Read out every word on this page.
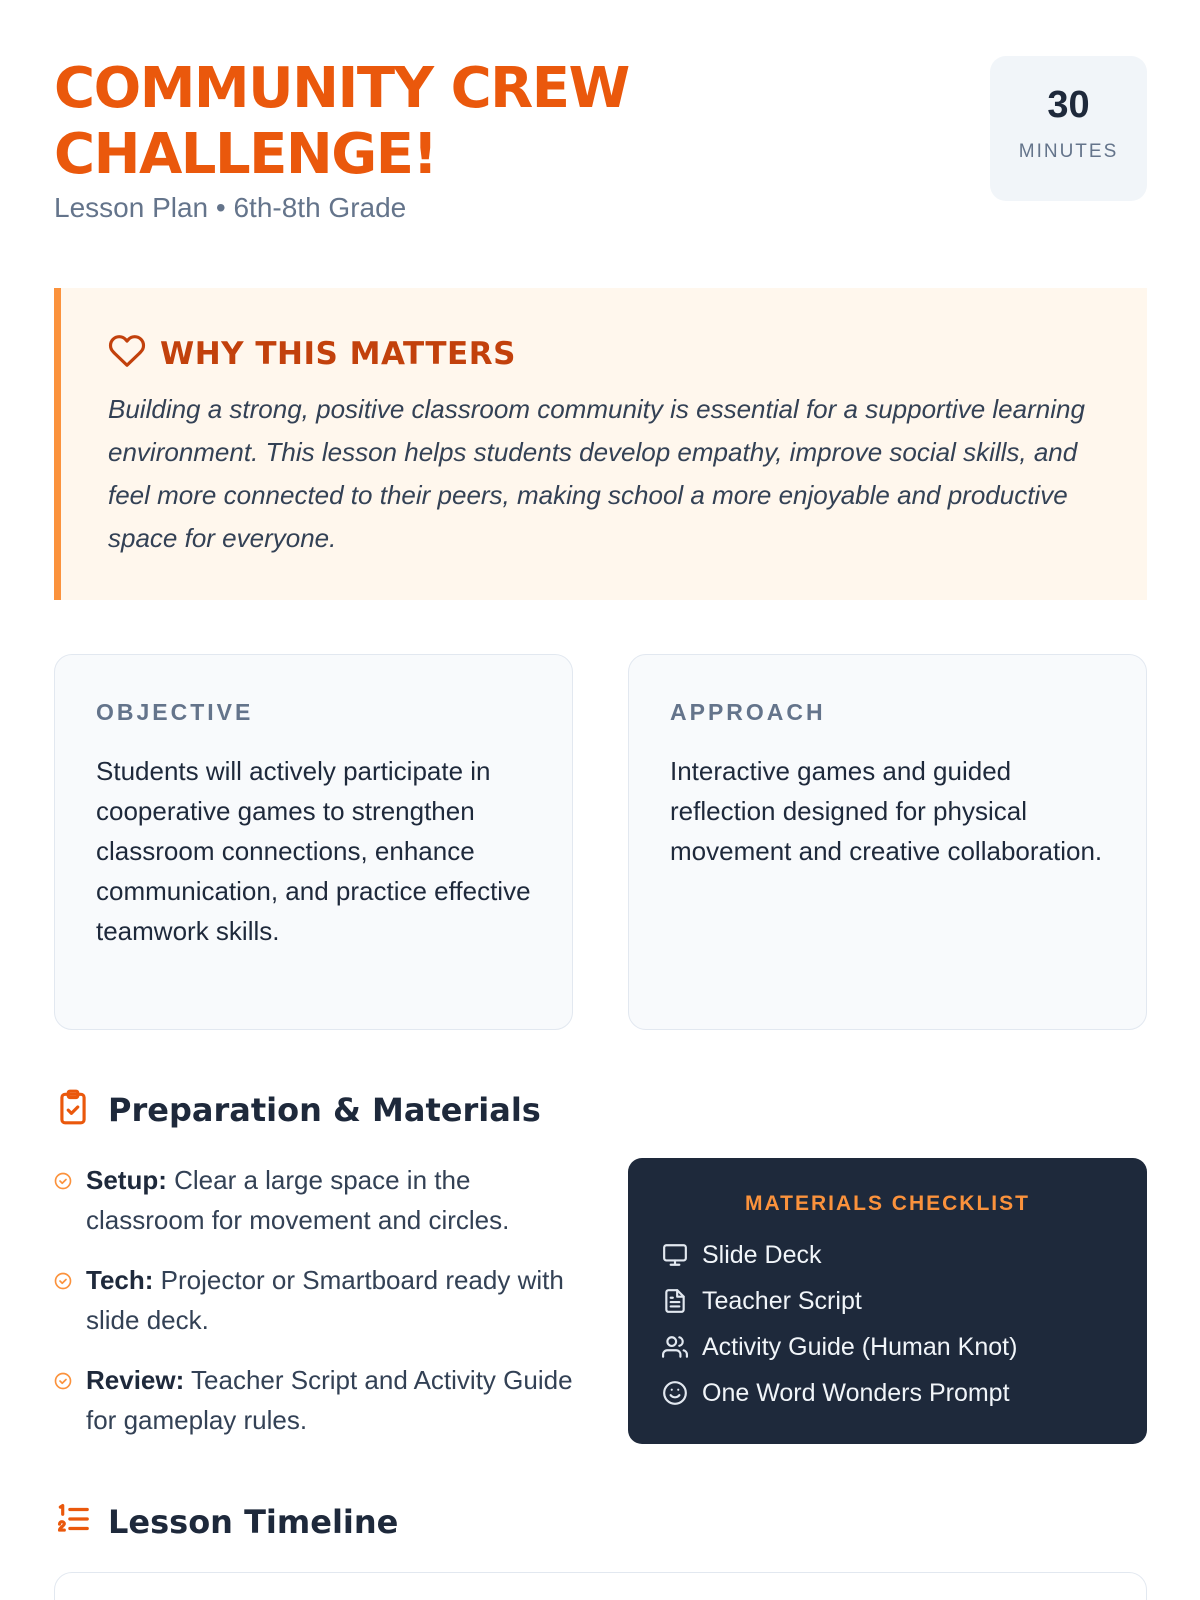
COMMUNITY CREW CHALLENGE!
Lesson Plan • 6th-8th Grade
30
MINUTES
WHY THIS MATTERS

Building a strong, positive classroom community is essential for a supportive learning environment. This lesson helps students develop empathy, improve social skills, and feel more connected to their peers, making school a more enjoyable and productive space for everyone.

OBJECTIVE

Students will actively participate in cooperative games to strengthen classroom connections, enhance communication, and practice effective teamwork skills.

APPROACH

Interactive games and guided reflection designed for physical movement and creative collaboration.

Preparation & Materials
Setup: Clear a large space in the classroom for movement and circles.
Tech: Projector or Smartboard ready with slide deck.
Review: Teacher Script and Activity Guide for gameplay rules.
MATERIALS CHECKLIST
Slide Deck
Teacher Script
Activity Guide (Human Knot)
One Word Wonders Prompt
Lesson Timeline
